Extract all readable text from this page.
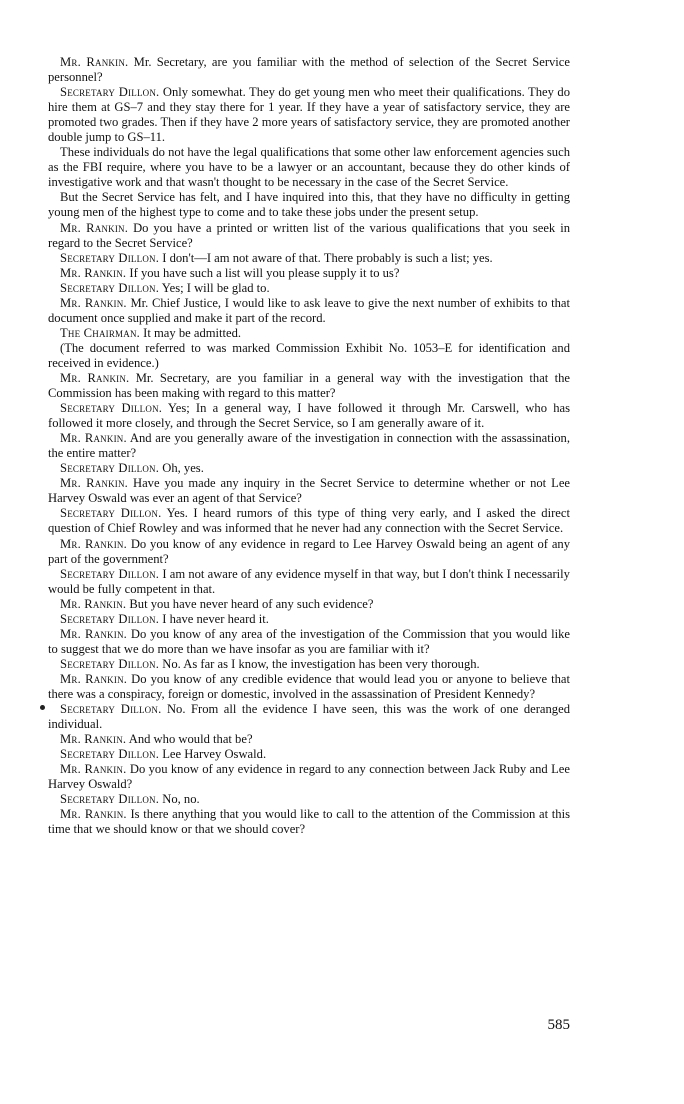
Mr. Rankin. Mr. Secretary, are you familiar with the method of selection of the Secret Service personnel?

Secretary Dillon. Only somewhat. They do get young men who meet their qualifications. They do hire them at GS–7 and they stay there for 1 year. If they have a year of satisfactory service, they are promoted two grades. Then if they have 2 more years of satisfactory service, they are promoted another double jump to GS–11.

These individuals do not have the legal qualifications that some other law enforcement agencies such as the FBI require, where you have to be a lawyer or an accountant, because they do other kinds of investigative work and that wasn't thought to be necessary in the case of the Secret Service.

But the Secret Service has felt, and I have inquired into this, that they have no difficulty in getting young men of the highest type to come and to take these jobs under the present setup.

Mr. Rankin. Do you have a printed or written list of the various qualifications that you seek in regard to the Secret Service?

Secretary Dillon. I don't—I am not aware of that. There probably is such a list; yes.

Mr. Rankin. If you have such a list will you please supply it to us?

Secretary Dillon. Yes; I will be glad to.

Mr. Rankin. Mr. Chief Justice, I would like to ask leave to give the next number of exhibits to that document once supplied and make it part of the record.

The Chairman. It may be admitted.

(The document referred to was marked Commission Exhibit No. 1053–E for identification and received in evidence.)

Mr. Rankin. Mr. Secretary, are you familiar in a general way with the investigation that the Commission has been making with regard to this matter?

Secretary Dillon. Yes; In a general way, I have followed it through Mr. Carswell, who has followed it more closely, and through the Secret Service, so I am generally aware of it.

Mr. Rankin. And are you generally aware of the investigation in connection with the assassination, the entire matter?

Secretary Dillon. Oh, yes.

Mr. Rankin. Have you made any inquiry in the Secret Service to determine whether or not Lee Harvey Oswald was ever an agent of that Service?

Secretary Dillon. Yes. I heard rumors of this type of thing very early, and I asked the direct question of Chief Rowley and was informed that he never had any connection with the Secret Service.

Mr. Rankin. Do you know of any evidence in regard to Lee Harvey Oswald being an agent of any part of the government?

Secretary Dillon. I am not aware of any evidence myself in that way, but I don't think I necessarily would be fully competent in that.

Mr. Rankin. But you have never heard of any such evidence?

Secretary Dillon. I have never heard it.

Mr. Rankin. Do you know of any area of the investigation of the Commission that you would like to suggest that we do more than we have insofar as you are familiar with it?

Secretary Dillon. No. As far as I know, the investigation has been very thorough.

Mr. Rankin. Do you know of any credible evidence that would lead you or anyone to believe that there was a conspiracy, foreign or domestic, involved in the assassination of President Kennedy?

Secretary Dillon. No. From all the evidence I have seen, this was the work of one deranged individual.

Mr. Rankin. And who would that be?

Secretary Dillon. Lee Harvey Oswald.

Mr. Rankin. Do you know of any evidence in regard to any connection between Jack Ruby and Lee Harvey Oswald?

Secretary Dillon. No, no.

Mr. Rankin. Is there anything that you would like to call to the attention of the Commission at this time that we should know or that we should cover?

585
